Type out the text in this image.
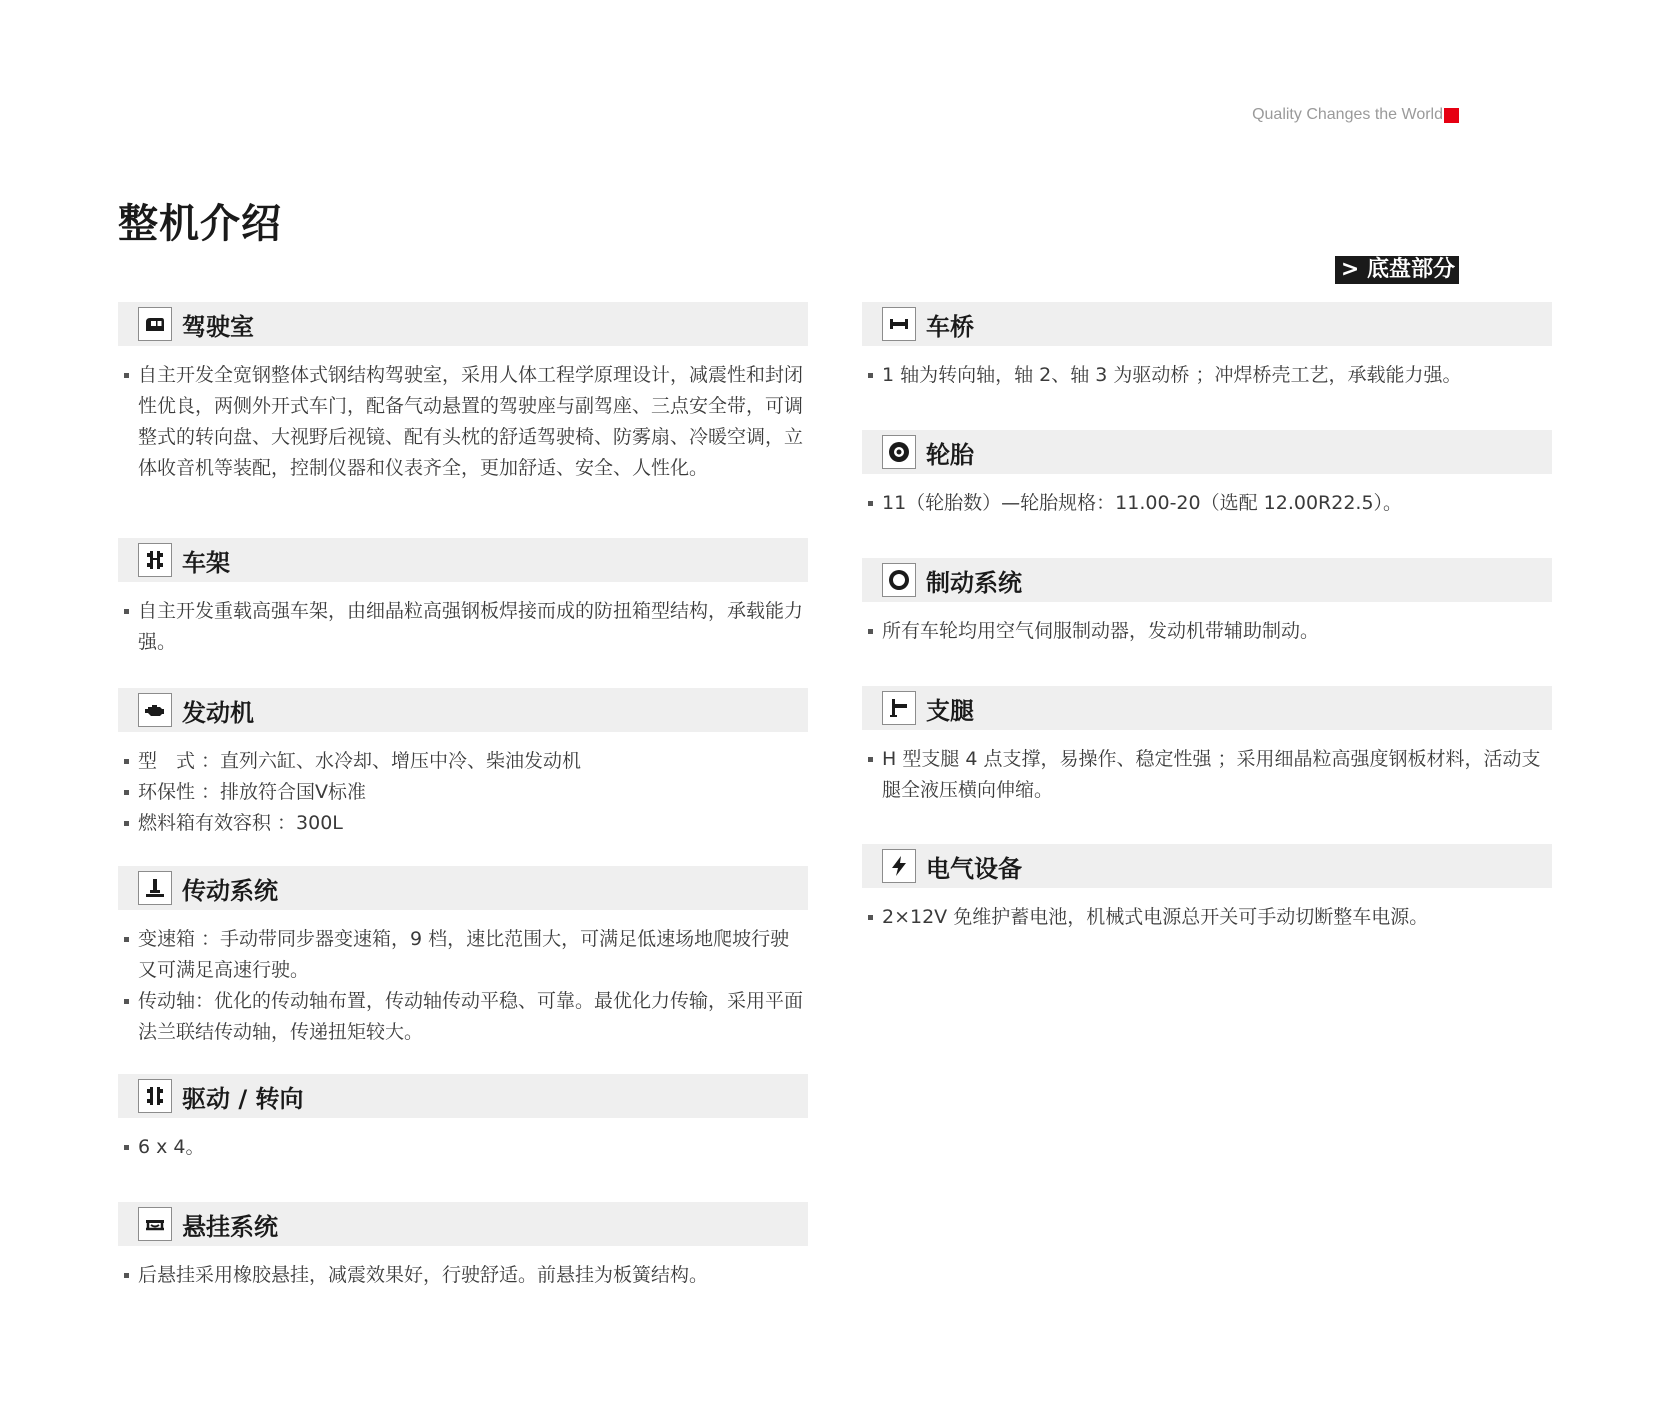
Quality Changes the World
整机介绍
> 底盘部分
驾驶室
自主开发全宽钢整体式钢结构驾驶室，采用人体工程学原理设计，减震性和封闭性优良，两侧外开式车门，配备气动悬置的驾驶座与副驾座、三点安全带，可调整式的转向盘、大视野后视镜、配有头枕的舒适驾驶椅、防雾扇、冷暖空调，立体收音机等装配，控制仪器和仪表齐全，更加舒适、安全、人性化。
车架
自主开发重载高强车架，由细晶粒高强钢板焊接而成的防扭箱型结构，承载能力强。
发动机
型　式 ：直列六缸、水冷却、增压中冷、柴油发动机
环保性 ：排放符合国Ⅴ标准
燃料箱有效容积 ：300L
传动系统
变速箱 ：手动带同步器变速箱，9 档，速比范围大，可满足低速场地爬坡行驶又可满足高速行驶。
传动轴：优化的传动轴布置，传动轴传动平稳、可靠。最优化力传输，采用平面法兰联结传动轴，传递扭矩较大。
驱动 / 转向
6 x 4。
悬挂系统
后悬挂采用橡胶悬挂，减震效果好，行驶舒适。前悬挂为板簧结构。
车桥
1 轴为转向轴，轴 2、轴 3 为驱动桥 ；冲焊桥壳工艺，承载能力强。
轮胎
11（轮胎数）—轮胎规格：11.00-20（选配 12.00R22.5）。
制动系统
所有车轮均用空气伺服制动器，发动机带辅助制动。
支腿
H 型支腿 4 点支撑，易操作、稳定性强 ；采用细晶粒高强度钢板材料，活动支腿全液压横向伸缩。
电气设备
2×12V 免维护蓄电池，机械式电源总开关可手动切断整车电源。
